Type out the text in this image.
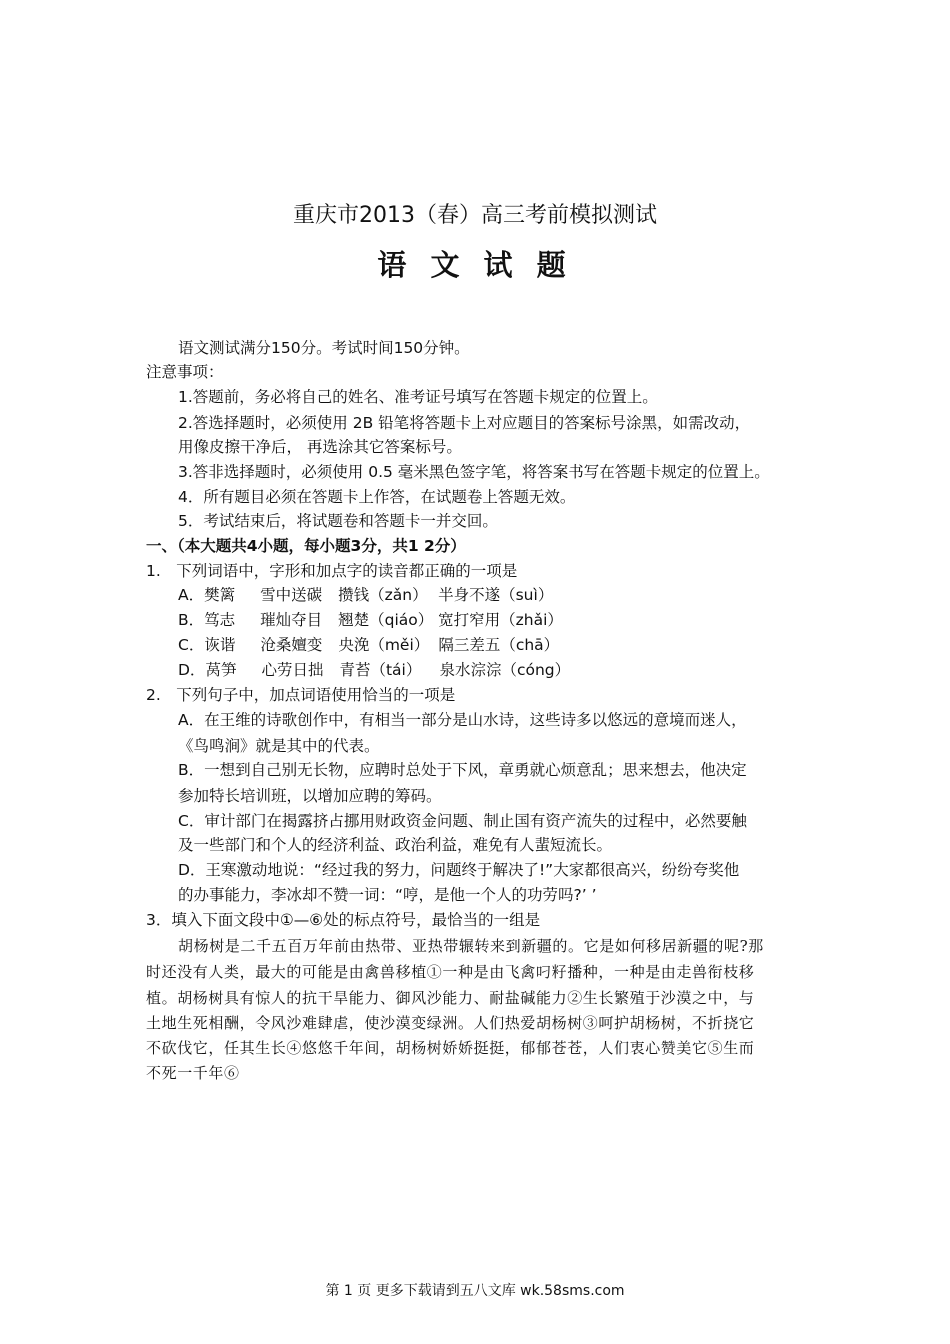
重庆市2013（春）高三考前模拟测试
语 文 试 题
语文测试满分150分。考试时间150分钟。
注意事项：
1.答题前，务必将自己的姓名、准考证号填写在答题卡规定的位置上。
2.答选择题时，必须使用 2B 铅笔将答题卡上对应题目的答案标号涂黑，如需改动，
用像皮擦干净后， 再选涂其它答案标号。
3.答非选择题时，必须使用 0.5 毫米黑色签字笔，将答案书写在答题卡规定的位置上。
4．所有题目必须在答题卡上作答，在试题卷上答题无效。
5．考试结束后，将试题卷和答题卡一并交回。
一、（本大题共4小题，每小题3分，共1 2分）
1.　下列词语中，字形和加点字的读音都正确的一项是
A．樊篱 雪中送碳 攒钱（zǎn） 半身不遂（suì）
B．笃志 璀灿夺目 翘楚（qiáo） 宽打窄用（zhǎi）
C．诙谐 沧桑嬗变 央浼（měi） 隔三差五（chā）
D．莴笋 心劳日拙 青苔（tái） 泉水淙淙（cóng）
2.　下列句子中，加点词语使用恰当的一项是
A．在王维的诗歌创作中，有相当一部分是山水诗，这些诗多以悠远的意境而迷人，
《鸟鸣涧》就是其中的代表。
B．一想到自己别无长物，应聘时总处于下风，章勇就心烦意乱；思来想去，他决定
参加特长培训班，以增加应聘的筹码。
C．审计部门在揭露挤占挪用财政资金问题、制止国有资产流失的过程中，必然要触
及一些部门和个人的经济利益、政治利益，难免有人蜚短流长。
D．王寒激动地说：“经过我的努力，问题终于解决了!”大家都很高兴，纷纷夸奖他
的办事能力，李冰却不赞一词：“哼，是他一个人的功劳吗?’ ’
3．填入下面文段中①—⑥处的标点符号，最恰当的一组是
胡杨树是二千五百万年前由热带、亚热带辗转来到新疆的。它是如何移居新疆的呢?那
时还没有人类，最大的可能是由禽兽移植①一种是由飞禽叼籽播种，一种是由走兽衔枝移
植。胡杨树具有惊人的抗干旱能力、御风沙能力、耐盐碱能力②生长繁殖于沙漠之中，与
土地生死相酬，令风沙难肆虐，使沙漠变绿洲。人们热爱胡杨树③呵护胡杨树，不折挠它
不砍伐它，任其生长④悠悠千年间，胡杨树娇娇挺挺，郁郁苍苍，人们衷心赞美它⑤生而
不死一千年⑥
第 1 页 更多下载请到五八文库 wk.58sms.com
